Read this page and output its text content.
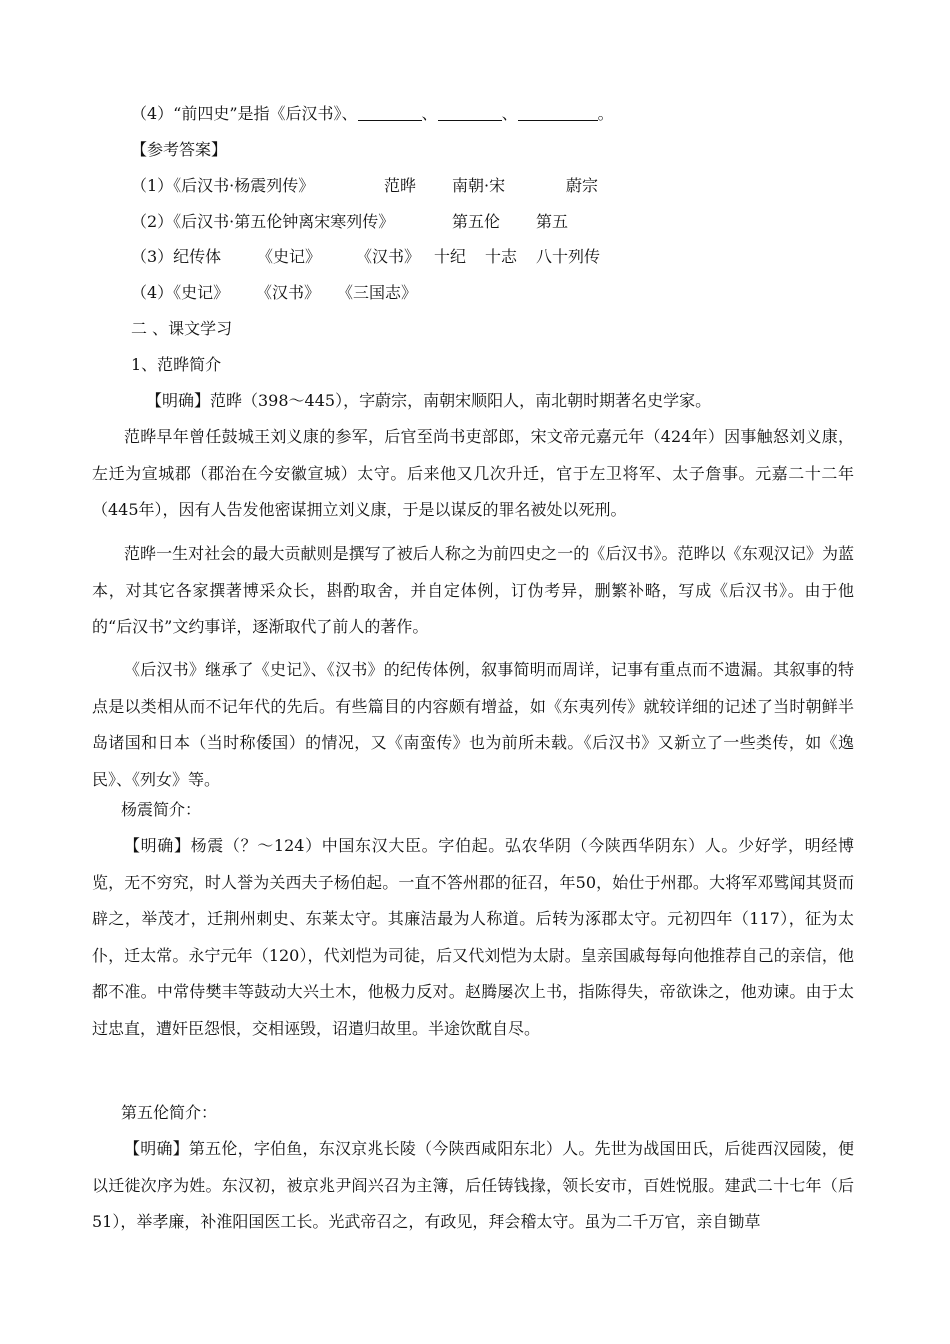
（4）“前四史”是指《后汉书》、	、	、	。
【参考答案】
（1）《后汉书·杨震列传》	范晔 南朝·宋	蔚宗
（2）《后汉书·第五伦钟离宋寒列传》	第五伦 第五
（3）纪传体 《史记》 《汉书》 十纪 十志 八十列传
（4）《史记》 《汉书》 《三国志》
二 、课文学习
1、范晔简介
【明确】范晔（398～445），字蔚宗，南朝宋顺阳人，南北朝时期著名史学家。
范晔早年曾任鼓城王刘义康的参军，后官至尚书吏部郎，宋文帝元嘉元年（424年）因事触怒刘义康，左迁为宣城郡（郡治在今安徽宣城）太守。后来他又几次升迁，官于左卫将军、太子詹事。元嘉二十二年（445年），因有人告发他密谋拥立刘义康，于是以谋反的罪名被处以死刑。
范晔一生对社会的最大贡献则是撰写了被后人称之为前四史之一的《后汉书》。范晔以《东观汉记》为蓝本，对其它各家撰著博采众长，斟酌取舍，并自定体例，订伪考异，删繁补略，写成《后汉书》。由于他的“后汉书”文约事详，逐渐取代了前人的著作。
《后汉书》继承了《史记》、《汉书》的纪传体例，叙事简明而周详，记事有重点而不遗漏。其叙事的特点是以类相从而不记年代的先后。有些篇目的内容颇有增益，如《东夷列传》就较详细的记述了当时朝鲜半岛诸国和日本（当时称倭国）的情况，又《南蛮传》也为前所未载。《后汉书》又新立了一些类传，如《逸民》、《列女》等。
杨震简介：
【明确】杨震（？～124）中国东汉大臣。字伯起。弘农华阴（今陕西华阴东）人。少好学，明经博览，无不穷究，时人誉为关西夫子杨伯起。一直不答州郡的征召，年50，始仕于州郡。大将军邓骘闻其贤而辟之，举茂才，迁荆州刺史、东莱太守。其廉洁最为人称道。后转为涿郡太守。元初四年（117），征为太仆，迁太常。永宁元年（120），代刘恺为司徒，后又代刘恺为太尉。皇亲国戚每每向他推荐自己的亲信，他都不准。中常侍樊丰等鼓动大兴土木，他极力反对。赵腾屡次上书，指陈得失，帝欲诛之，他劝谏。由于太过忠直，遭奸臣怨恨，交相诬毁，诏遣归故里。半途饮酖自尽。
第五伦简介：
【明确】第五伦，字伯鱼，东汉京兆长陵（今陕西咸阳东北）人。先世为战国田氏，后徙西汉园陵，便以迁徙次序为姓。东汉初，被京兆尹阎兴召为主簿，后任铸钱掾，领长安市，百姓悦服。建武二十七年（后51），举孝廉，补淮阳国医工长。光武帝召之，有政见，拜会稽太守。虽为二千万官，亲自锄草
